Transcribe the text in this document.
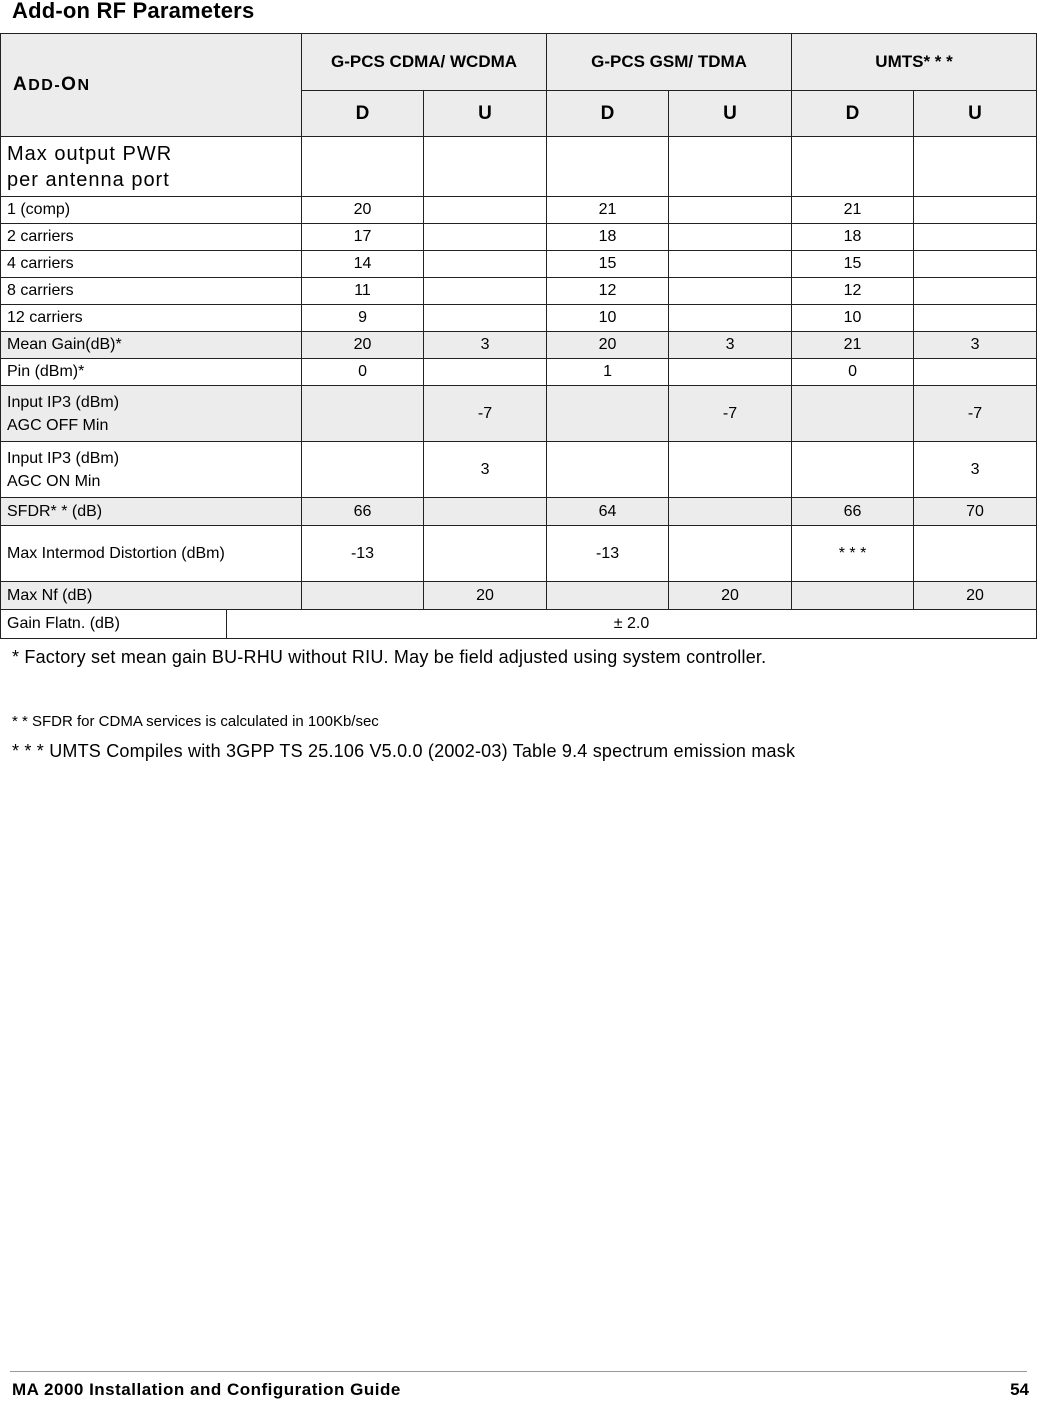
Add-on RF Parameters
ADD-ON		G-PCS CDMA/ WCDMA		G-PCS GSM/ TDMA		UMTS* * *	
		D	U	D	U	D	U
Max output PWR
per antenna port							
1 (comp)		20		21		21	
2 carriers		17		18		18	
4 carriers		14		15		15	
8 carriers		11		12		12	
12 carriers		9		10		10	
Mean Gain(dB)*		20	3	20	3	21	3
Pin (dBm)*		0		1		0	
Input IP3 (dBm)
AGC OFF Min			-7		-7		-7
Input IP3 (dBm)
AGC ON Min			3				3
SFDR* * (dB)		66		64		66	70
Max Intermod Distortion (dBm)		-13		-13		* * *	
Max Nf (dB)			20		20		20
Gain Flatn. (dB)	± 2.0						
* Factory set mean gain BU-RHU without RIU. May be field adjusted using system controller.
* * SFDR for CDMA services is calculated in 100Kb/sec
* * * UMTS Compiles with 3GPP TS 25.106 V5.0.0 (2002-03) Table 9.4 spectrum emission mask
MA 2000 Installation and Configuration Guide	54
